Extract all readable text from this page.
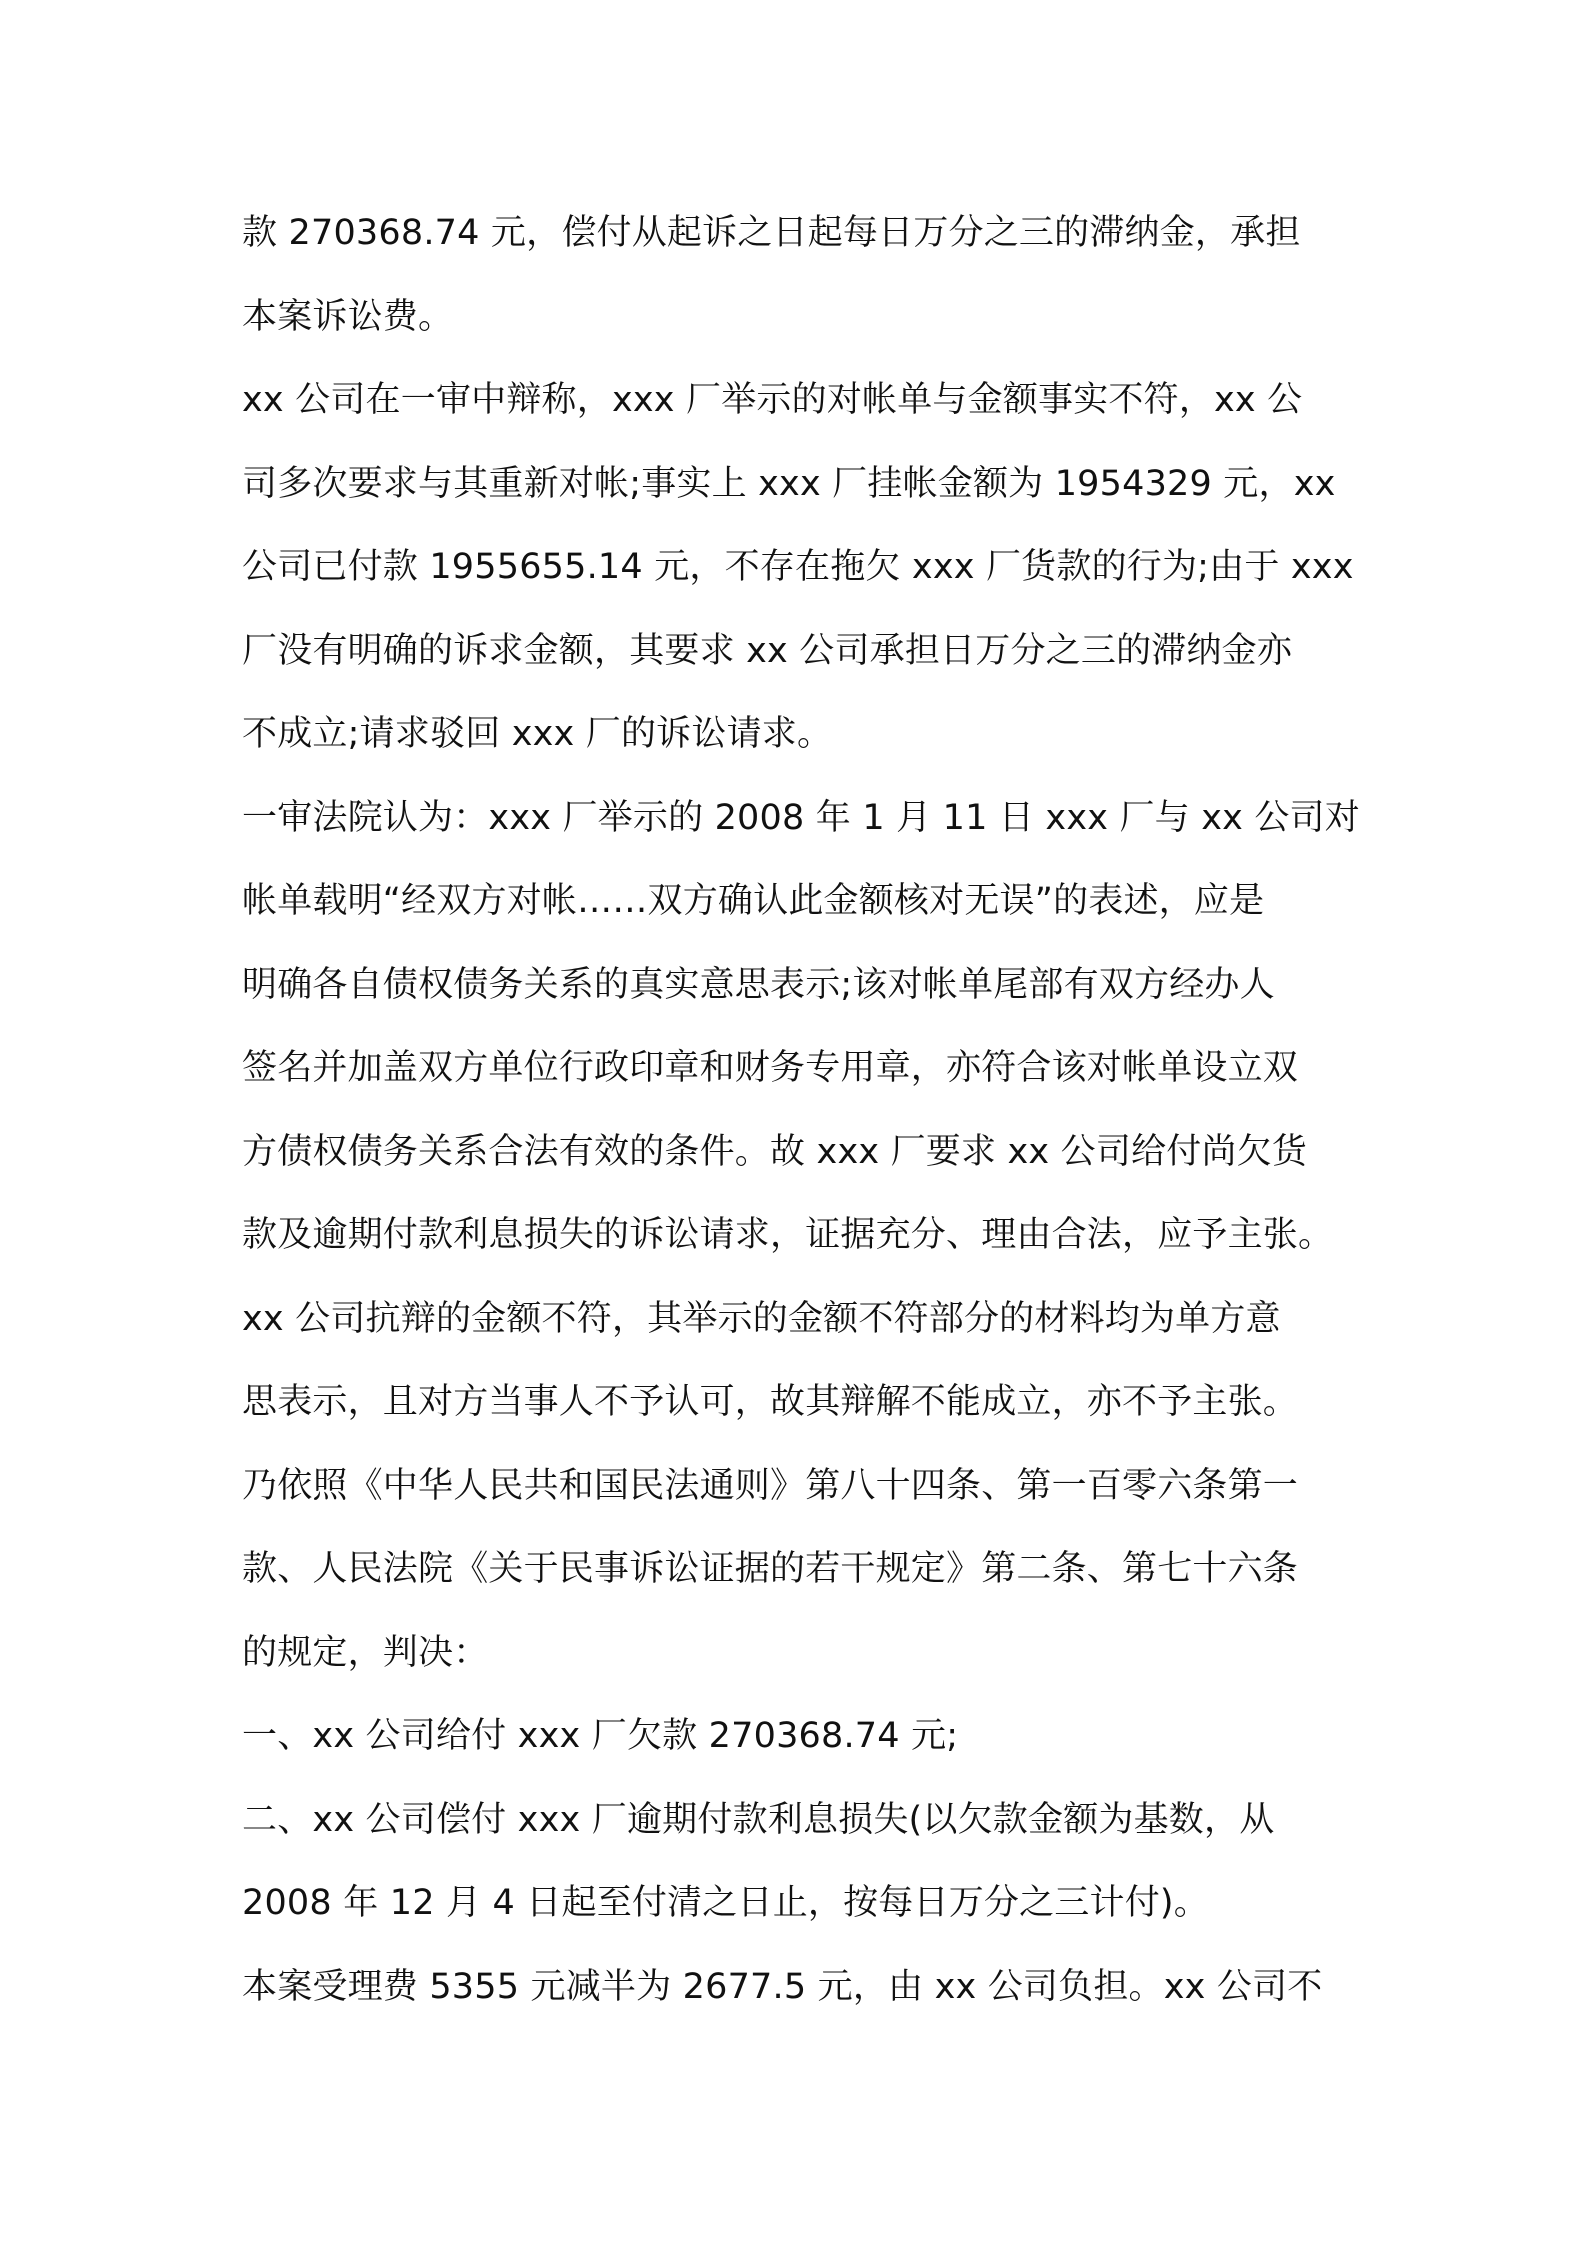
款 270368.74 元，偿付从起诉之日起每日万分之三的滞纳金，承担
本案诉讼费。
xx 公司在一审中辩称，xxx 厂举示的对帐单与金额事实不符，xx 公
司多次要求与其重新对帐;事实上 xxx 厂挂帐金额为 1954329 元，xx
公司已付款 1955655.14 元，不存在拖欠 xxx 厂货款的行为;由于 xxx
厂没有明确的诉求金额，其要求 xx 公司承担日万分之三的滞纳金亦
不成立;请求驳回 xxx 厂的诉讼请求。
一审法院认为：xxx 厂举示的 2008 年 1 月 11 日 xxx 厂与 xx 公司对
帐单载明“经双方对帐……双方确认此金额核对无误”的表述，应是
明确各自债权债务关系的真实意思表示;该对帐单尾部有双方经办人
签名并加盖双方单位行政印章和财务专用章，亦符合该对帐单设立双
方债权债务关系合法有效的条件。故 xxx 厂要求 xx 公司给付尚欠货
款及逾期付款利息损失的诉讼请求，证据充分、理由合法，应予主张。
xx 公司抗辩的金额不符，其举示的金额不符部分的材料均为单方意
思表示，且对方当事人不予认可，故其辩解不能成立，亦不予主张。
乃依照《中华人民共和国民法通则》第八十四条、第一百零六条第一
款、人民法院《关于民事诉讼证据的若干规定》第二条、第七十六条
的规定，判决：
一、xx 公司给付 xxx 厂欠款 270368.74 元;
二、xx 公司偿付 xxx 厂逾期付款利息损失(以欠款金额为基数，从
2008 年 12 月 4 日起至付清之日止，按每日万分之三计付)。
本案受理费 5355 元减半为 2677.5 元，由 xx 公司负担。xx 公司不
